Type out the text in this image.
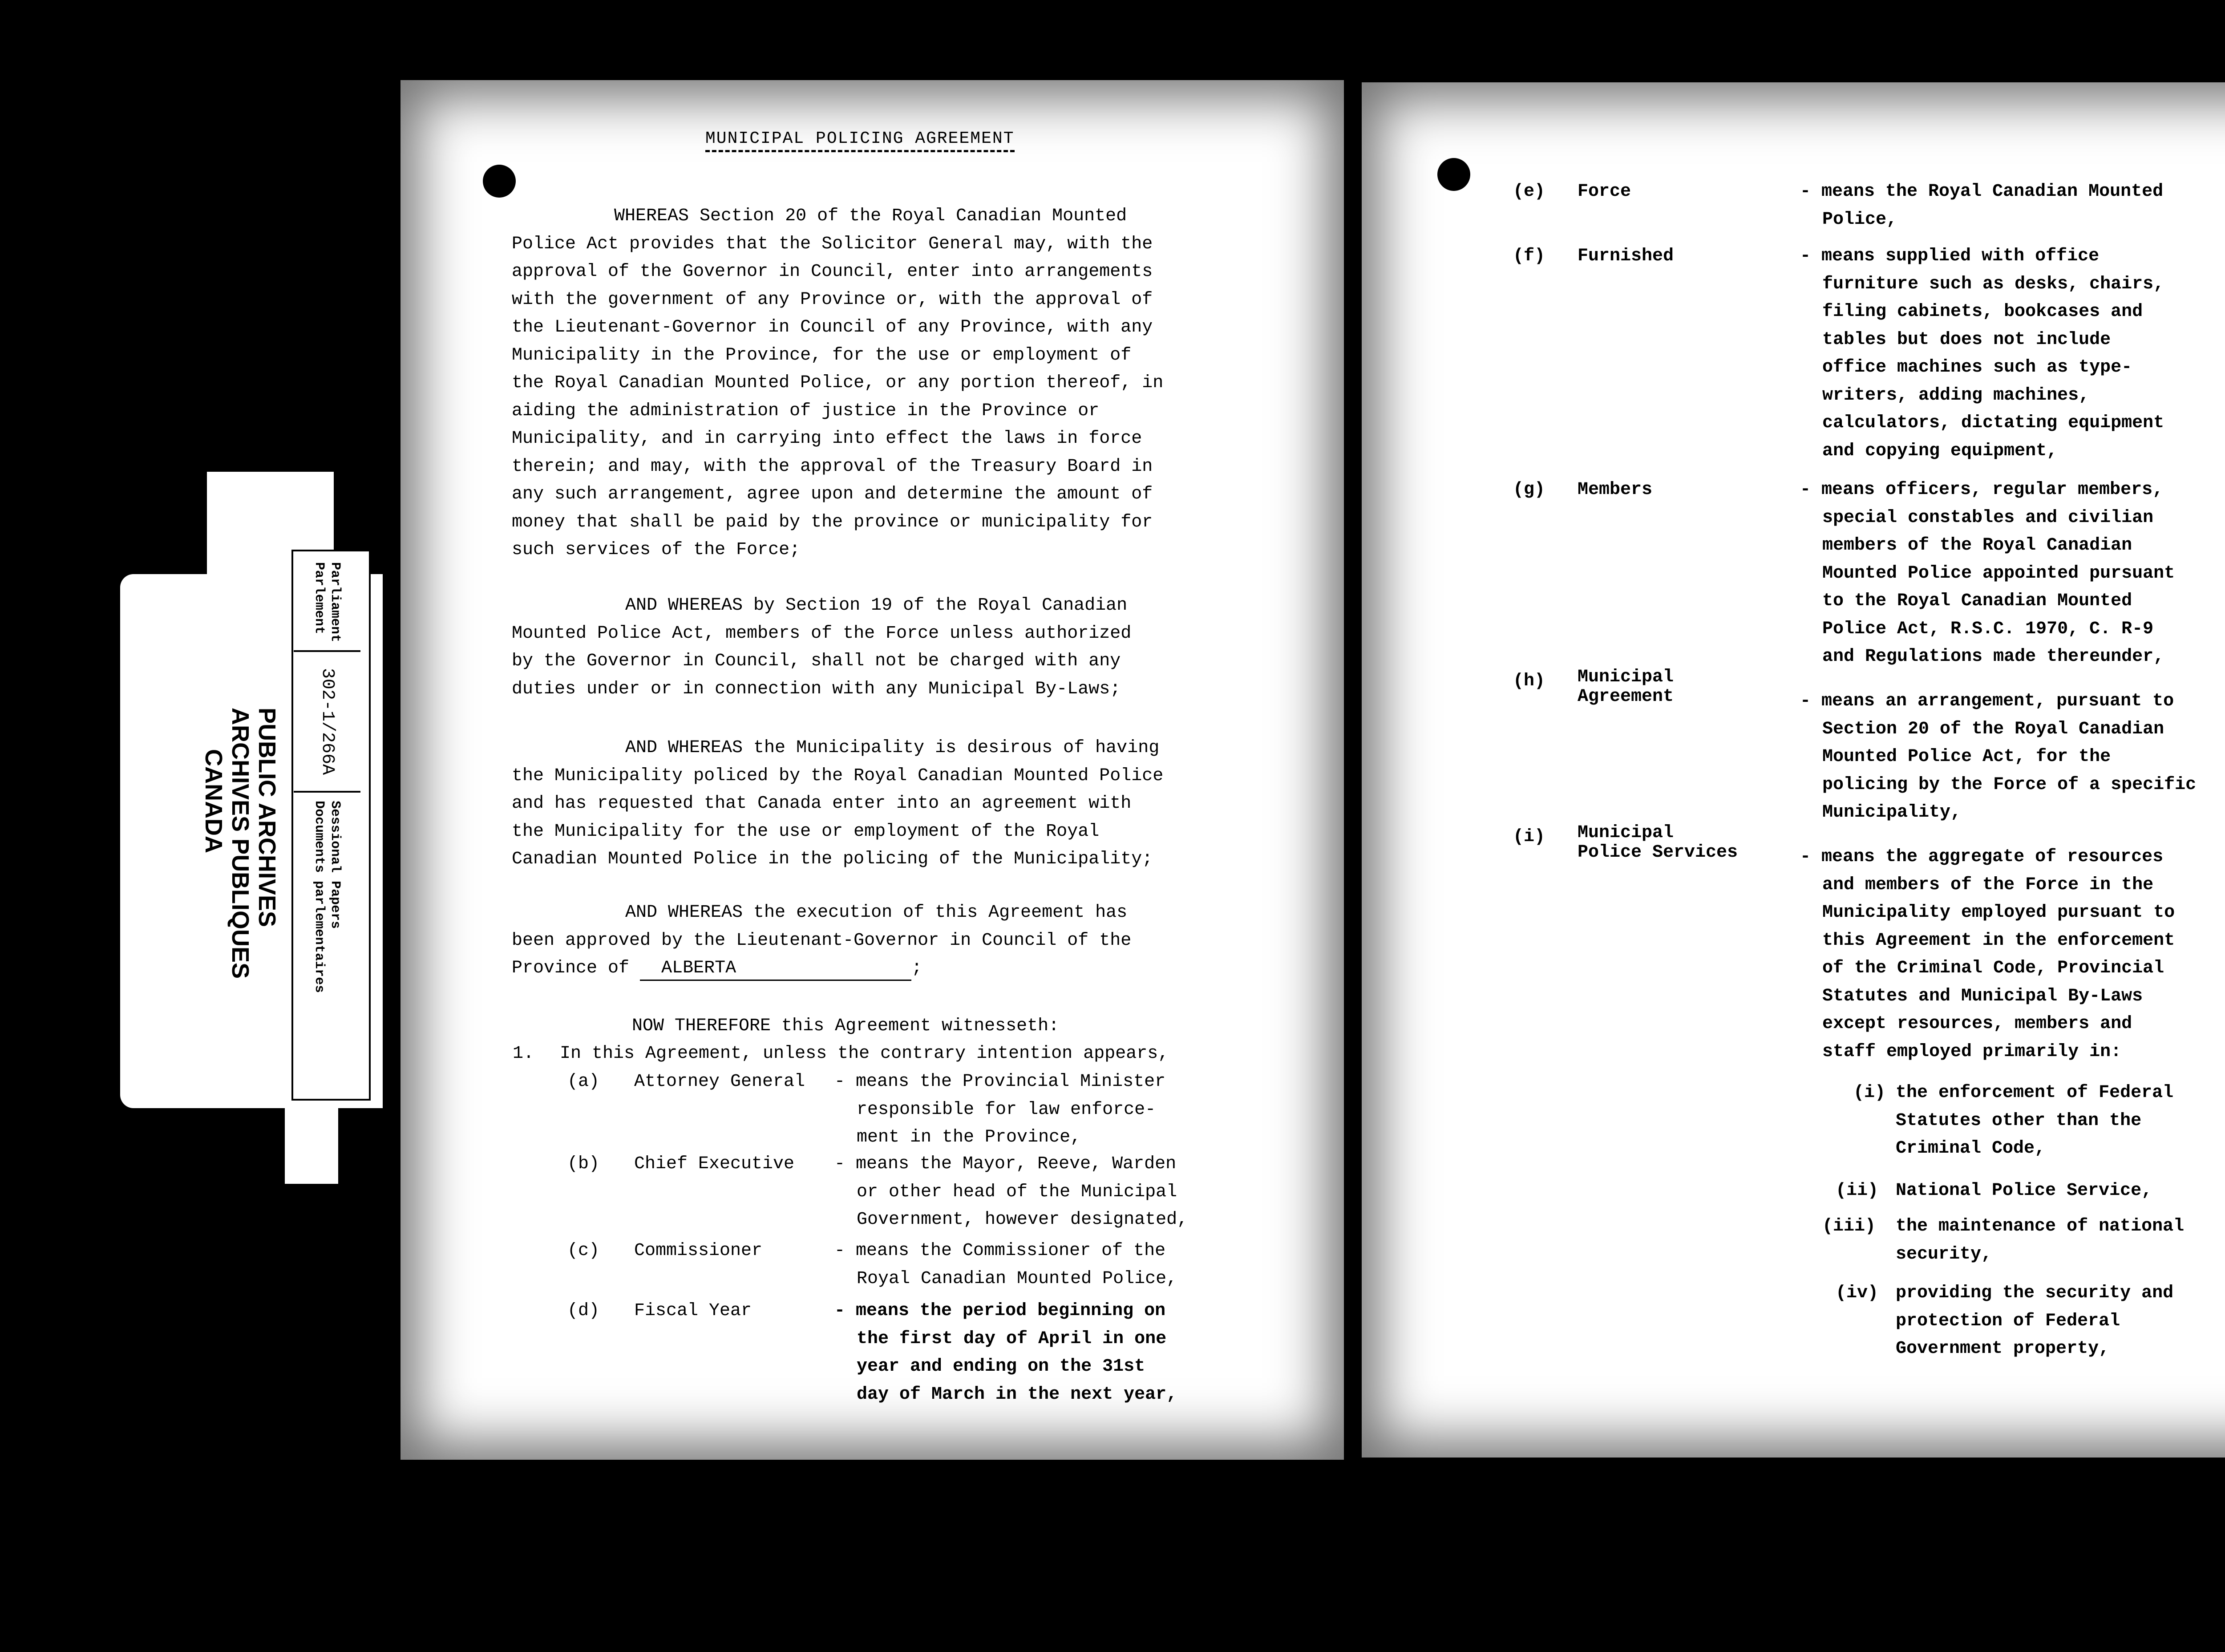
PUBLIC ARCHIVES
ARCHIVES PUBLIQUES
CANADA
Parliament
Parlement
302-1/266A
Sessional Papers
Documents parlementaires
MUNICIPAL POLICING AGREEMENT
WHEREAS Section 20 of the Royal Canadian Mounted
Police Act provides that the Solicitor General may, with the
approval of the Governor in Council, enter into arrangements
with the government of any Province or, with the approval of
the Lieutenant-Governor in Council of any Province, with any
Municipality in the Province, for the use or employment of
the Royal Canadian Mounted Police, or any portion thereof, in
aiding the administration of justice in the Province or
Municipality, and in carrying into effect the laws in force
therein; and may, with the approval of the Treasury Board in
any such arrangement, agree upon and determine the amount of
money that shall be paid by the province or municipality for
such services of the Force;
AND WHEREAS by Section 19 of the Royal Canadian
Mounted Police Act, members of the Force unless authorized
by the Governor in Council, shall not be charged with any
duties under or in connection with any Municipal By-Laws;
AND WHEREAS the Municipality is desirous of having
the Municipality policed by the Royal Canadian Mounted Police
and has requested that Canada enter into an agreement with
the Municipality for the use or employment of the Royal
Canadian Mounted Police in the policing of the Municipality;
AND WHEREAS the execution of this Agreement has
been approved by the Lieutenant-Governor in Council of the
Province of ALBERTA	;
NOW THEREFORE this Agreement witnesseth:
1. In this Agreement, unless the contrary intention appears,
(a) Attorney General - means the Provincial Minister
responsible for law enforce-
ment in the Province,
(b) Chief Executive - means the Mayor, Reeve, Warden
or other head of the Municipal
Government, however designated,
(c) Commissioner	- means the Commissioner of the
Royal Canadian Mounted Police,
(d) Fiscal Year	- means the period beginning on
the first day of April in one
year and ending on the 31st
day of March in the next year,
(e) Force	- means the Royal Canadian Mounted
Police,
(f) Furnished	- means supplied with office
furniture such as desks, chairs,
filing cabinets, bookcases and
tables but does not include
office machines such as type-
writers, adding machines,
calculators, dictating equipment
and copying equipment,
(g) Members	- means officers, regular members,
special constables and civilian
members of the Royal Canadian
Mounted Police appointed pursuant
to the Royal Canadian Mounted
Police Act, R.S.C. 1970, C. R-9
and Regulations made thereunder,
(h) Municipal
Agreement	- means an arrangement, pursuant to
Section 20 of the Royal Canadian
Mounted Police Act, for the
policing by the Force of a specific
Municipality,
(i) Municipal
Police Services	- means the aggregate of resources
and members of the Force in the
Municipality employed pursuant to
this Agreement in the enforcement
of the Criminal Code, Provincial
Statutes and Municipal By-Laws
except resources, members and
staff employed primarily in:
(i) the enforcement of Federal
Statutes other than the
Criminal Code,
(ii) National Police Service,
(iii) the maintenance of national
security,
(iv) providing the security and
protection of Federal
Government property,
